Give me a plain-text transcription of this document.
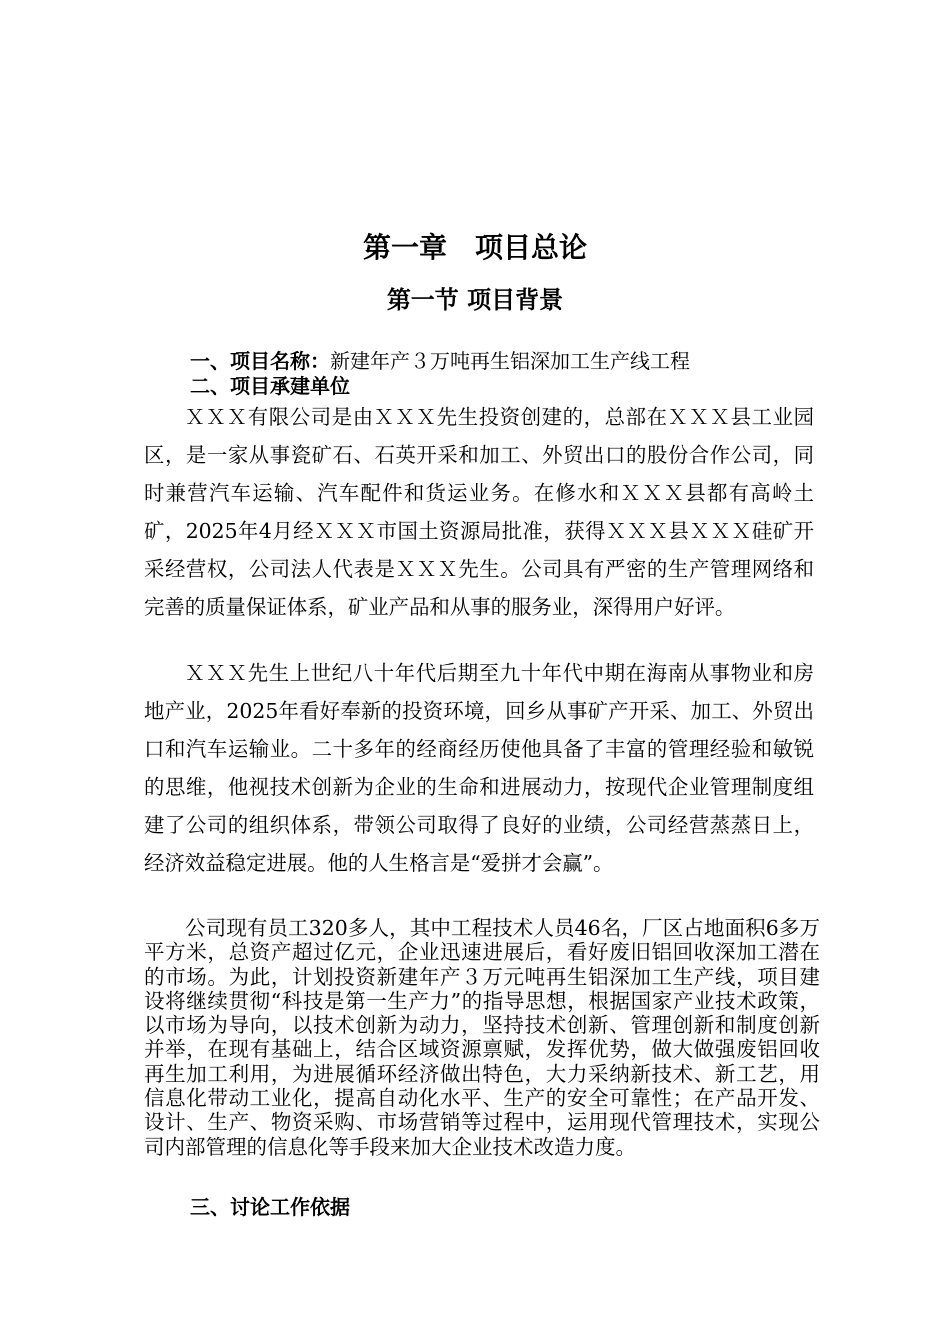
第一章　项目总论
第一节 项目背景
一、项目名称：新建年产３万吨再生铝深加工生产线工程
二、项目承建单位

ＸＸＸ有限公司是由ＸＸＸ先生投资创建的，总部在ＸＸＸ县工业园区，是一家从事瓷矿石、石英开采和加工、外贸出口的股份合作公司，同时兼营汽车运输、汽车配件和货运业务。在修水和ＸＸＸ县都有高岭土矿，2025年4月经ＸＸＸ市国土资源局批准，获得ＸＸＸ县ＸＸＸ硅矿开采经营权，公司法人代表是ＸＸＸ先生。公司具有严密的生产管理网络和完善的质量保证体系，矿业产品和从事的服务业，深得用户好评。

ＸＸＸ先生上世纪八十年代后期至九十年代中期在海南从事物业和房地产业，2025年看好奉新的投资环境，回乡从事矿产开采、加工、外贸出口和汽车运输业。二十多年的经商经历使他具备了丰富的管理经验和敏锐的思维，他视技术创新为企业的生命和进展动力，按现代企业管理制度组建了公司的组织体系，带领公司取得了良好的业绩，公司经营蒸蒸日上，经济效益稳定进展。他的人生格言是“爱拼才会赢”。

公司现有员工320多人，其中工程技术人员46名，厂区占地面积6多万平方米，总资产超过亿元，企业迅速进展后，看好废旧铝回收深加工潜在的市场。为此，计划投资新建年产３万元吨再生铝深加工生产线，项目建设将继续贯彻“科技是第一生产力”的指导思想，根据国家产业技术政策，以市场为导向，以技术创新为动力，坚持技术创新、管理创新和制度创新并举，在现有基础上，结合区域资源禀赋，发挥优势，做大做强废铝回收再生加工利用，为进展循环经济做出特色，大力采纳新技术、新工艺，用信息化带动工业化，提高自动化水平、生产的安全可靠性；在产品开发、设计、生产、物资采购、市场营销等过程中，运用现代管理技术，实现公司内部管理的信息化等手段来加大企业技术改造力度。

三、讨论工作依据
